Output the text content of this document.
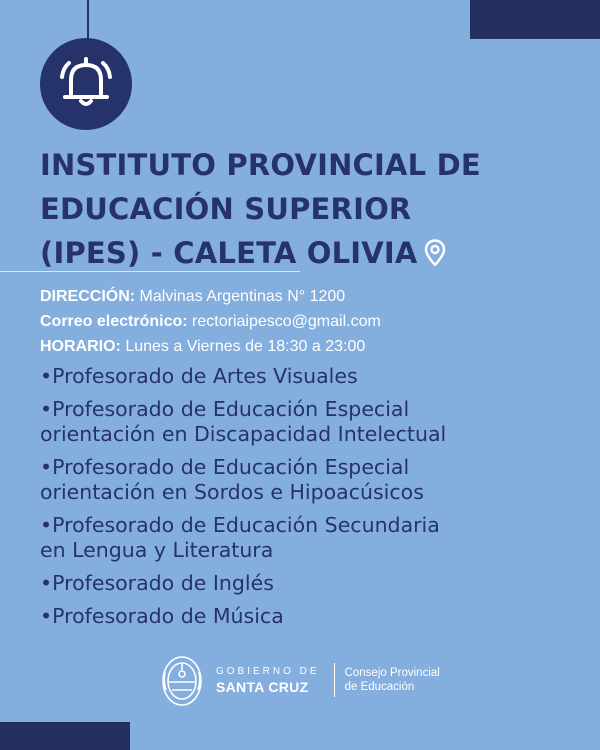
INSTITUTO PROVINCIAL DE
EDUCACIÓN SUPERIOR
(IPES) - CALETA OLIVIA
DIRECCIÓN: Malvinas Argentinas N° 1200
Correo electrónico: rectoriaipesco@gmail.com
HORARIO: Lunes a Viernes de 18:30 a 23:00
•Profesorado de Artes Visuales
•Profesorado de Educación Especial
orientación en Discapacidad Intelectual
•Profesorado de Educación Especial
orientación en Sordos e Hipoacúsicos
•Profesorado de Educación Secundaria
en Lengua y Literatura
•Profesorado de Inglés
•Profesorado de Música
GOBIERNO DE
SANTA CRUZ
Consejo Provincial
de Educación
